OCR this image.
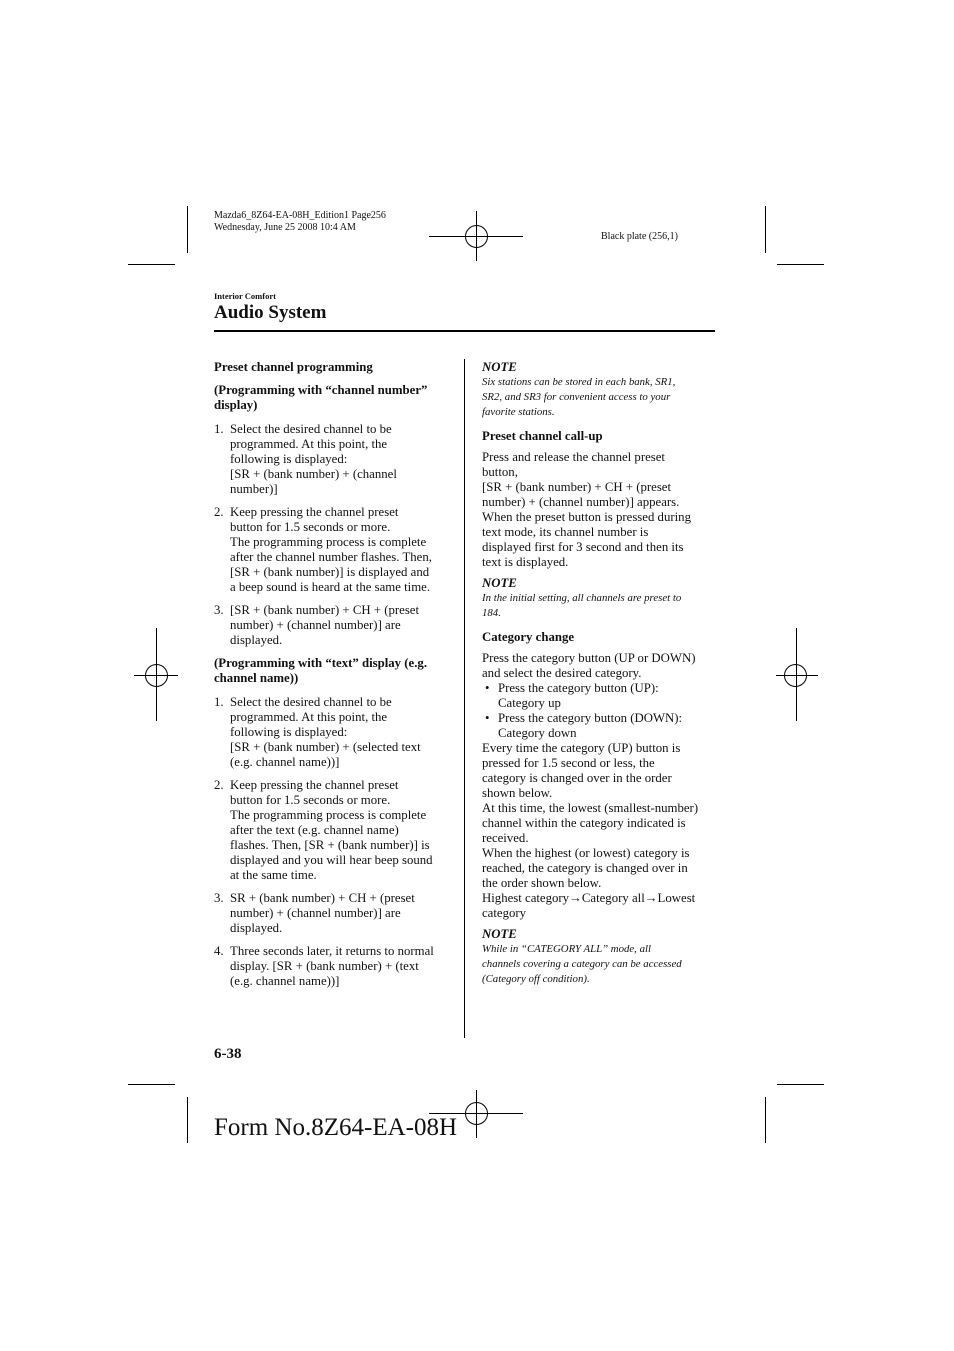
Mazda6_8Z64-EA-08H_Edition1 Page256
Wednesday, June 25 2008 10:4 AM
Black plate (256,1)
Interior Comfort
Audio System

Preset channel programming

(Programming with “channel number”
display)
1. Select the desired channel to be
programmed. At this point, the
following is displayed:
[SR + (bank number) + (channel
number)]
2. Keep pressing the channel preset
button for 1.5 seconds or more.
The programming process is complete
after the channel number flashes. Then,
[SR + (bank number)] is displayed and
a beep sound is heard at the same time.
3. [SR + (bank number) + CH + (preset
number) + (channel number)] are
displayed.
(Programming with “text” display (e.g.
channel name))
1. Select the desired channel to be
programmed. At this point, the
following is displayed:
[SR + (bank number) + (selected text
(e.g. channel name))]
2. Keep pressing the channel preset
button for 1.5 seconds or more.
The programming process is complete
after the text (e.g. channel name)
flashes. Then, [SR + (bank number)] is
displayed and you will hear beep sound
at the same time.
3. SR + (bank number) + CH + (preset
number) + (channel number)] are
displayed.
4. Three seconds later, it returns to normal
display. [SR + (bank number) + (text
(e.g. channel name))]
NOTE
Six stations can be stored in each bank, SR1,
SR2, and SR3 for convenient access to your
favorite stations.

Preset channel call-up

Press and release the channel preset
button,
[SR + (bank number) + CH + (preset
number) + (channel number)] appears.
When the preset button is pressed during
text mode, its channel number is
displayed first for 3 second and then its
text is displayed.
NOTE
In the initial setting, all channels are preset to
184.

Category change

Press the category button (UP or DOWN)
and select the desired category.
• Press the category button (UP):
Category up
• Press the category button (DOWN):
Category down
Every time the category (UP) button is
pressed for 1.5 second or less, the
category is changed over in the order
shown below.
At this time, the lowest (smallest-number)
channel within the category indicated is
received.
When the highest (or lowest) category is
reached, the category is changed over in
the order shown below.
Highest category→Category all→Lowest
category
NOTE
While in “CATEGORY ALL” mode, all
channels covering a category can be accessed
(Category off condition).
6-38
Form No.8Z64-EA-08H
